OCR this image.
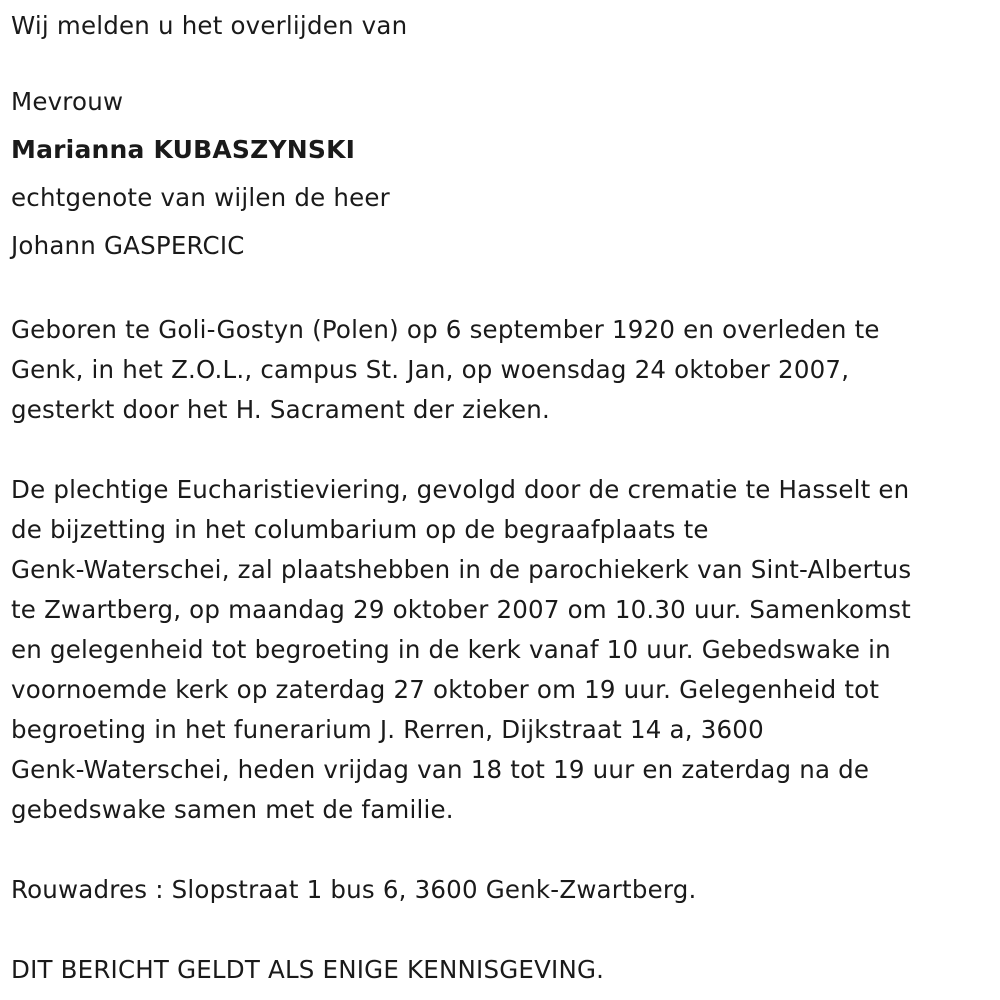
Wij melden u het overlijden van
Mevrouw
Marianna KUBASZYNSKI
echtgenote van wijlen de heer
Johann GASPERCIC
Geboren te Goli-Gostyn (Polen) op 6 september 1920 en overleden te
Genk, in het Z.O.L., campus St. Jan, op woensdag 24 oktober 2007,
gesterkt door het H. Sacrament der zieken.
De plechtige Eucharistieviering, gevolgd door de crematie te Hasselt en
de bijzetting in het columbarium op de begraafplaats te
Genk-Waterschei, zal plaatshebben in de parochiekerk van Sint-Albertus
te Zwartberg, op maandag 29 oktober 2007 om 10.30 uur. Samenkomst
en gelegenheid tot begroeting in de kerk vanaf 10 uur. Gebedswake in
voornoemde kerk op zaterdag 27 oktober om 19 uur. Gelegenheid tot
begroeting in het funerarium J. Rerren, Dijkstraat 14 a, 3600
Genk-Waterschei, heden vrijdag van 18 tot 19 uur en zaterdag na de
gebedswake samen met de familie.
Rouwadres : Slopstraat 1 bus 6, 3600 Genk-Zwartberg.
DIT BERICHT GELDT ALS ENIGE KENNISGEVING.
